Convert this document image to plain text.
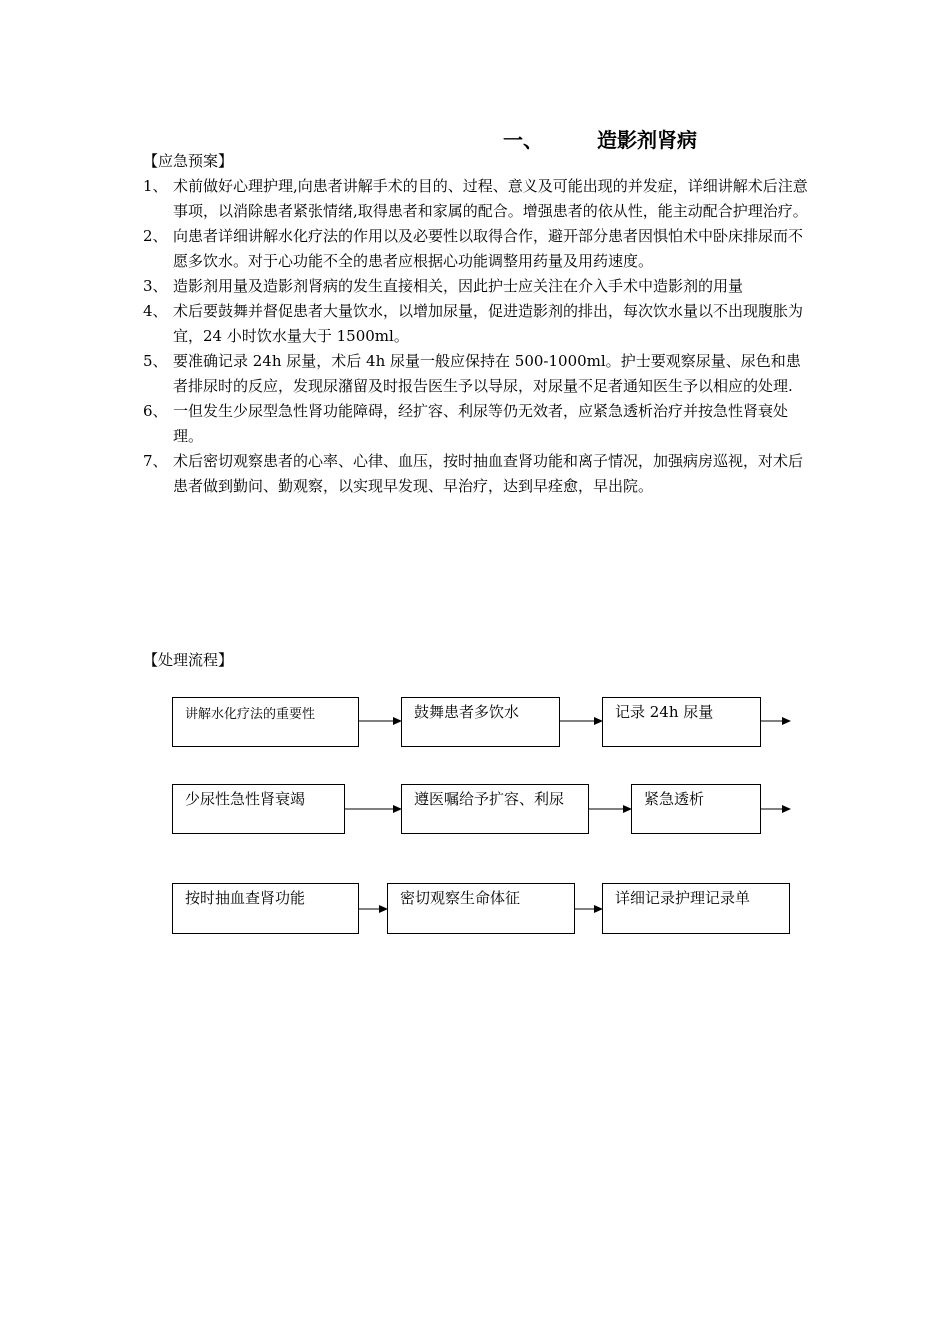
一、	造影剂肾病
【应急预案】
1、 术前做好心理护理,向患者讲解手术的目的、过程、意义及可能出现的并发症，详细讲解术后注意事项，以消除患者紧张情绪,取得患者和家属的配合。增强患者的依从性，能主动配合护理治疗。
2、 向患者详细讲解水化疗法的作用以及必要性以取得合作，避开部分患者因惧怕术中卧床排尿而不愿多饮水。对于心功能不全的患者应根据心功能调整用药量及用药速度。
3、 造影剂用量及造影剂肾病的发生直接相关，因此护士应关注在介入手术中造影剂的用量
4、 术后要鼓舞并督促患者大量饮水，以增加尿量，促进造影剂的排出，每次饮水量以不出现腹胀为宜，24 小时饮水量大于 1500ml。
5、 要准确记录 24h 尿量，术后 4h 尿量一般应保持在 500-1000ml。护士要观察尿量、尿色和患者排尿时的反应，发现尿潴留及时报告医生予以导尿，对尿量不足者通知医生予以相应的处理.
6、 一但发生少尿型急性肾功能障碍，经扩容、利尿等仍无效者，应紧急透析治疗并按急性肾衰处理。
7、 术后密切观察患者的心率、心律、血压，按时抽血查肾功能和离子情况，加强病房巡视，对术后患者做到勤问、勤观察，以实现早发现、早治疗，达到早痊愈，早出院。
【处理流程】
讲解水化疗法的重要性	鼓舞患者多饮水	记录 24h 尿量
少尿性急性肾衰竭	遵医嘱给予扩容、利尿	紧急透析
按时抽血查肾功能	密切观察生命体征	详细记录护理记录单
